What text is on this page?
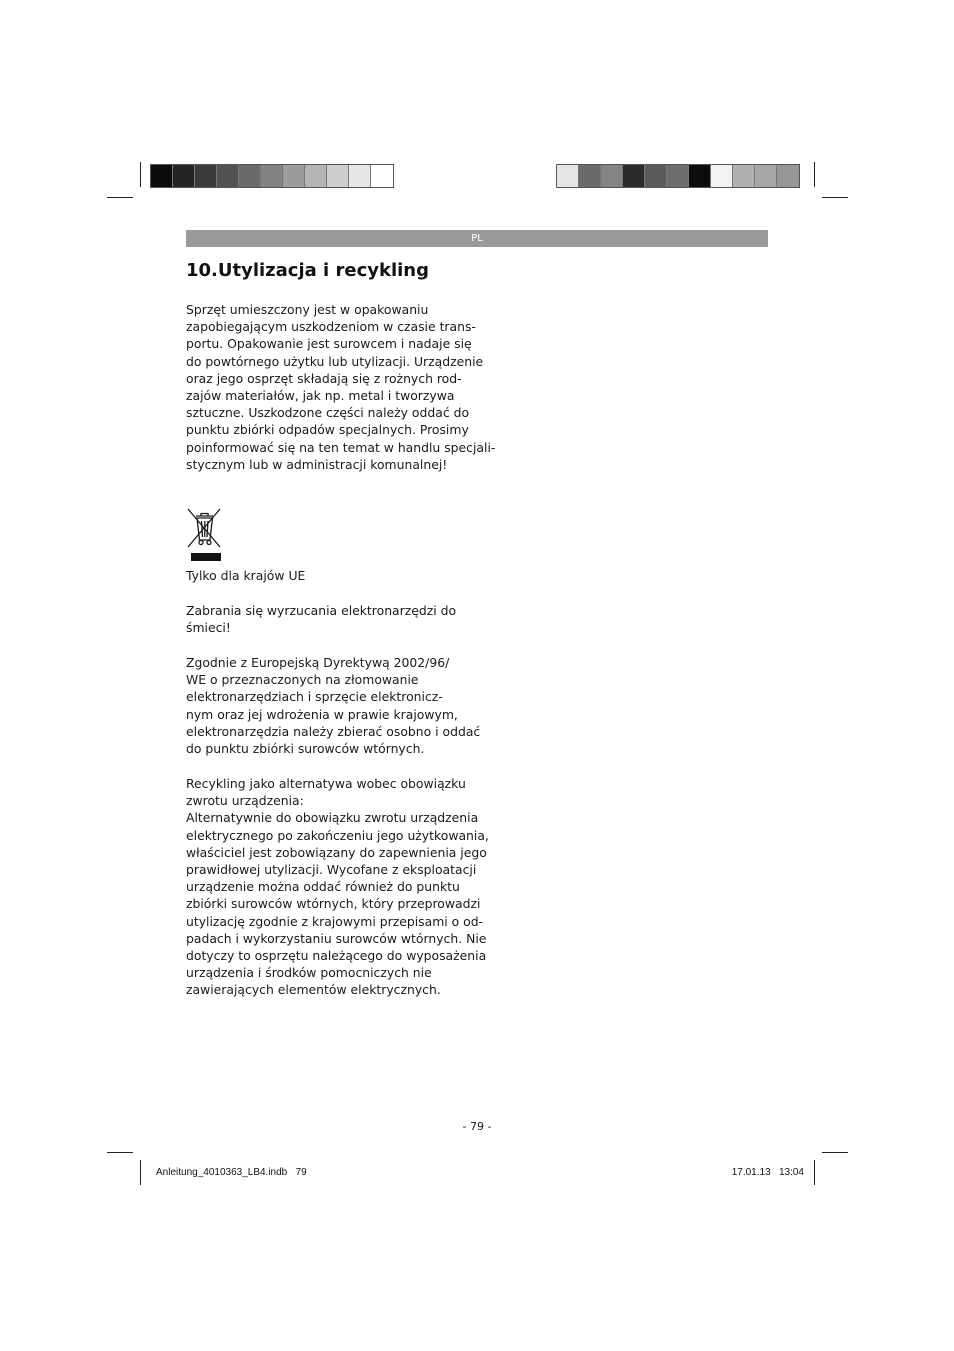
PL
10.Utylizacja i recykling
Sprzęt umieszczony jest w opakowaniu
zapobiegającym uszkodzeniom w czasie trans-
portu. Opakowanie jest surowcem i nadaje się
do powtórnego użytku lub utylizacji. Urządzenie
oraz jego osprzęt składają się z rożnych rod-
zajów materiałów, jak np. metal i tworzywa
sztuczne. Uszkodzone części należy oddać do
punktu zbiórki odpadów specjalnych. Prosimy
poinformować się na ten temat w handlu specjali-
stycznym lub w administracji komunalnej!
Tylko dla krajów UE
Zabrania się wyrzucania elektronarzędzi do
śmieci!
Zgodnie z Europejską Dyrektywą 2002/96/
WE o przeznaczonych na złomowanie
elektronarzędziach i sprzęcie elektronicz-
nym oraz jej wdrożenia w prawie krajowym,
elektronarzędzia należy zbierać osobno i oddać
do punktu zbiórki surowców wtórnych.
Recykling jako alternatywa wobec obowiązku
zwrotu urządzenia:
Alternatywnie do obowiązku zwrotu urządzenia
elektrycznego po zakończeniu jego użytkowania,
właściciel jest zobowiązany do zapewnienia jego
prawidłowej utylizacji. Wycofane z eksploatacji
urządzenie można oddać również do punktu
zbiórki surowców wtórnych, który przeprowadzi
utylizację zgodnie z krajowymi przepisami o od-
padach i wykorzystaniu surowców wtórnych. Nie
dotyczy to osprzętu należącego do wyposażenia
urządzenia i środków pomocniczych nie
zawierających elementów elektrycznych.
- 79 -
Anleitung_4010363_LB4.indb   79	17.01.13   13:04
